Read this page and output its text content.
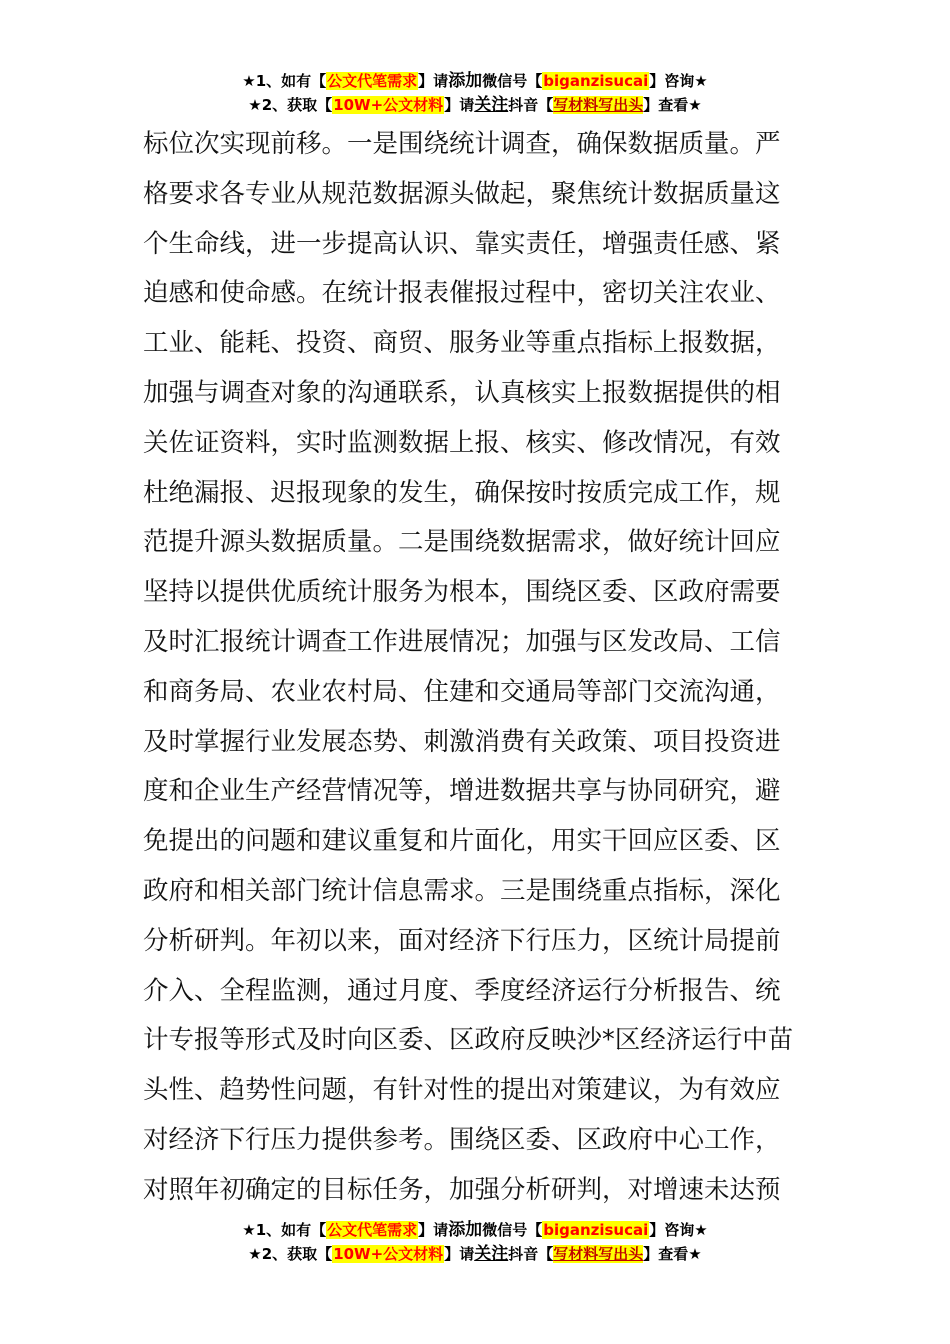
★1、如有【公文代笔需求】请添加微信号【biganzisucai】咨询★
★2、获取【10W+公文材料】请关注抖音【写材料写出头】查看★
标位次实现前移。一是围绕统计调查，确保数据质量。严
格要求各专业从规范数据源头做起，聚焦统计数据质量这
个生命线，进一步提高认识、靠实责任，增强责任感、紧
迫感和使命感。在统计报表催报过程中，密切关注农业、
工业、能耗、投资、商贸、服务业等重点指标上报数据，
加强与调查对象的沟通联系，认真核实上报数据提供的相
关佐证资料，实时监测数据上报、核实、修改情况，有效
杜绝漏报、迟报现象的发生，确保按时按质完成工作，规
范提升源头数据质量。二是围绕数据需求，做好统计回应
坚持以提供优质统计服务为根本，围绕区委、区政府需要
及时汇报统计调查工作进展情况；加强与区发改局、工信
和商务局、农业农村局、住建和交通局等部门交流沟通，
及时掌握行业发展态势、刺激消费有关政策、项目投资进
度和企业生产经营情况等，增进数据共享与协同研究，避
免提出的问题和建议重复和片面化，用实干回应区委、区
政府和相关部门统计信息需求。三是围绕重点指标，深化
分析研判。年初以来，面对经济下行压力，区统计局提前
介入、全程监测，通过月度、季度经济运行分析报告、统
计专报等形式及时向区委、区政府反映沙*区经济运行中苗
头性、趋势性问题，有针对性的提出对策建议，为有效应
对经济下行压力提供参考。围绕区委、区政府中心工作，
对照年初确定的目标任务，加强分析研判，对增速未达预
★1、如有【公文代笔需求】请添加微信号【biganzisucai】咨询★
★2、获取【10W+公文材料】请关注抖音【写材料写出头】查看★
